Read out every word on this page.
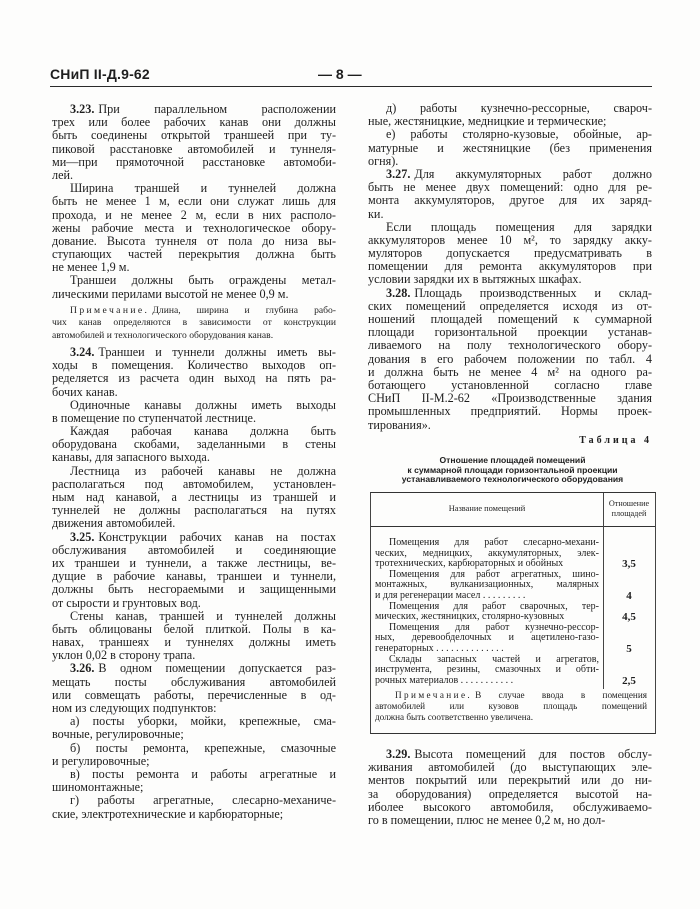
СНиП II-Д.9-62	— 8 —
3.23. При параллельном расположении
трех или более рабочих канав они должны
быть соединены открытой траншеей при ту-
пиковой расстановке автомобилей и туннеля-
ми—при прямоточной расстановке автомоби-
лей.
Ширина траншей и туннелей должна
быть не менее 1 м, если они служат лишь для
прохода, и не менее 2 м, если в них располо-
жены рабочие места и технологическое обору-
дование. Высота туннеля от пола до низа вы-
ступающих частей перекрытия должна быть
не менее 1,9 м.
Траншеи должны быть ограждены метал-
лическими перилами высотой не менее 0,9 м.
Примечание. Длина, ширина и глубина рабо-
чих канав определяются в зависимости от конструкции
автомобилей и технологического оборудования канав.
3.24. Траншеи и туннели должны иметь вы-
ходы в помещения. Количество выходов оп-
ределяется из расчета один выход на пять ра-
бочих канав.
Одиночные канавы должны иметь выходы
в помещение по ступенчатой лестнице.
Каждая рабочая канава должна быть
оборудована скобами, заделанными в стены
канавы, для запасного выхода.
Лестница из рабочей канавы не должна
располагаться под автомобилем, установлен-
ным над канавой, а лестницы из траншей и
туннелей не должны располагаться на путях
движения автомобилей.
3.25. Конструкции рабочих канав на постах
обслуживания автомобилей и соединяющие
их траншеи и туннели, а также лестницы, ве-
дущие в рабочие канавы, траншеи и туннели,
должны быть несгораемыми и защищенными
от сырости и грунтовых вод.
Стены канав, траншей и туннелей должны
быть облицованы белой плиткой. Полы в ка-
навах, траншеях и туннелях должны иметь
уклон 0,02 в сторону трапа.
3.26. В одном помещении допускается раз-
мещать посты обслуживания автомобилей
или совмещать работы, перечисленные в од-
ном из следующих подпунктов:
а) посты уборки, мойки, крепежные, сма-
вочные, регулировочные;
б) посты ремонта, крепежные, смазочные
и регулировочные;
в) посты ремонта и работы агрегатные и
шиномонтажные;
г) работы агрегатные, слесарно-механиче-
ские, электротехнические и карбюраторные;
д) работы кузнечно-рессорные, свароч-
ные, жестяницкие, медницкие и термические;
е) работы столярно-кузовые, обойные, ар-
матурные и жестяницкие (без применения
огня).
3.27. Для аккумуляторных работ должно
быть не менее двух помещений: одно для ре-
монта аккумуляторов, другое для их заряд-
ки.
Если площадь помещения для зарядки
аккумуляторов менее 10 м², то зарядку акку-
муляторов допускается предусматривать в
помещении для ремонта аккумуляторов при
условии зарядки их в вытяжных шкафах.
3.28. Площадь производственных и склад-
ских помещений определяется исходя из от-
ношений площадей помещений к суммарной
площади горизонтальной проекции устанав-
ливаемого на полу технологического обору-
дования в его рабочем положении по табл. 4
и должна быть не менее 4 м² на одного ра-
ботающего установленной согласно главе
СНиП II-М.2-62 «Производственные здания
промышленных предприятий. Нормы проек-
тирования».
Таблица 4
Отношение площадей помещений
к суммарной площади горизонтальной проекции
устанавливаемого технологического оборудования
Название помещений
Отношение
площадей
Помещения для работ слесарно-механи-
ческих, медницких, аккумуляторных, элек-
тротехнических, карбюраторных и обойных
Помещения для работ агрегатных, шино-
монтажных, вулканизационных, малярных
и для регенерации масел . . . . . . . . .
Помещения для работ сварочных, тер-
мических, жестяницких, столярно-кузовных
Помещения для работ кузнечно-рессор-
ных, деревообделочных и ацетилено-газо-
генераторных . . . . . . . . . . . . . .
Склады запасных частей и агрегатов,
инструмента, резины, смазочных и обти-
рочных материалов . . . . . . . . . . .
3,5
4
4,5
5
2,5
Примечание. В случае ввода в помещения
автомобилей или кузовов площадь помещений
должна быть соответственно увеличена.
3.29. Высота помещений для постов обслу-
живания автомобилей (до выступающих эле-
ментов покрытий или перекрытий или до ни-
за оборудования) определяется высотой на-
иболее высокого автомобиля, обслуживаемо-
го в помещении, плюс не менее 0,2 м, но дол-
